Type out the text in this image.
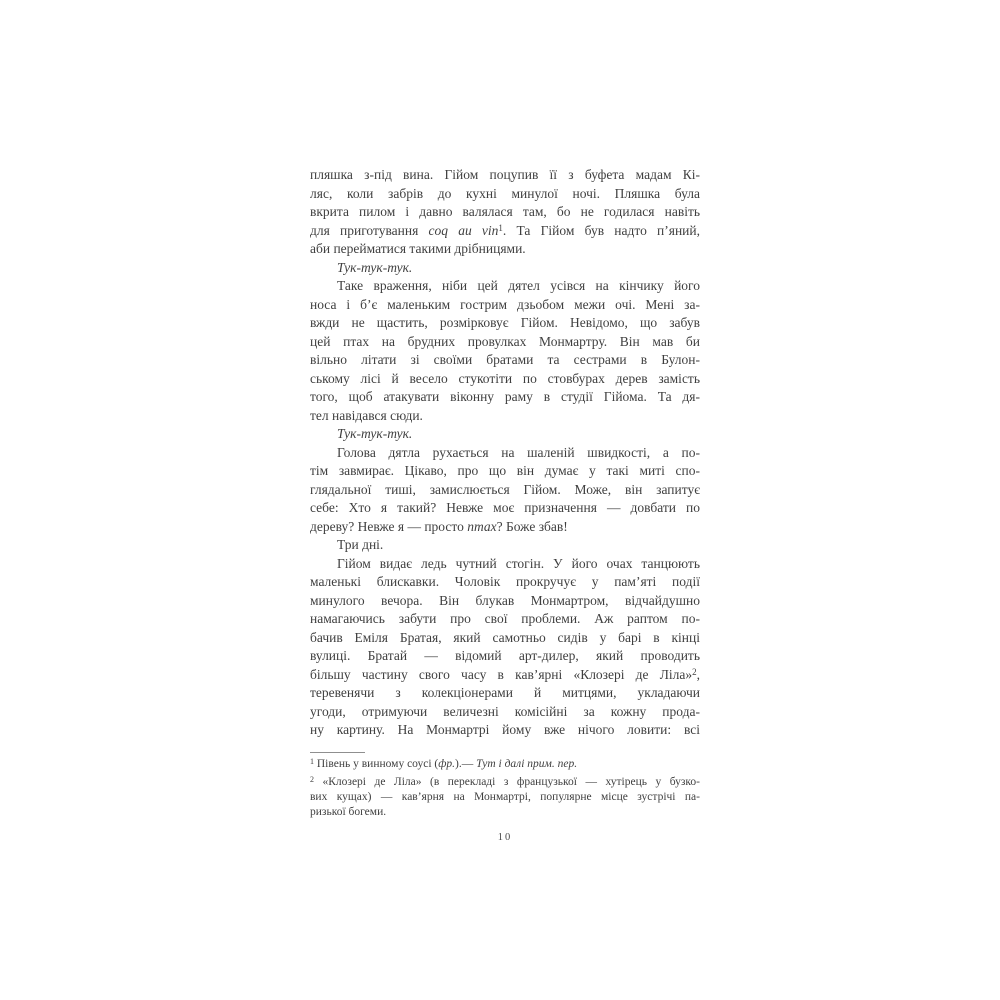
пляшка з-під вина. Гійом поцупив її з буфета мадам Кі-
ляс, коли забрів до кухні минулої ночі. Пляшка була
вкрита пилом і давно валялася там, бо не годилася навіть
для приготування coq au vin$^1$. Та Гійом був надто п’яний,
аби перейматися такими дрібницями.
Тук-тук-тук.
Таке враження, ніби цей дятел усівся на кінчику його
носа і б’є маленьким гострим дзьобом межи очі. Мені за-
вжди не щастить, розмірковує Гійом. Невідомо, що забув
цей птах на брудних провулках Монмартру. Він мав би
вільно літати зі своїми братами та сестрами в Булон-
ському лісі й весело стукотіти по стовбурах дерев замість
того, щоб атакувати віконну раму в студії Гійома. Та дя-
тел навідався сюди.
Тук-тук-тук.
Голова дятла рухається на шаленій швидкості, а по-
тім завмирає. Цікаво, про що він думає у такі миті спо-
глядальної тиші, замислюється Гійом. Може, він запитує
себе: Хто я такий? Невже моє призначення — довбати по
дереву? Невже я — просто птах? Боже збав!
Три дні.
Гійом видає ледь чутний стогін. У його очах танцюють
маленькі блискавки. Чоловік прокручує у пам’яті події
минулого вечора. Він блукав Монмартром, відчайдушно
намагаючись забути про свої проблеми. Аж раптом по-
бачив Еміля Братая, який самотньо сидів у барі в кінці
вулиці. Братай — відомий арт-дилер, який проводить
більшу частину свого часу в кав’ярні «Клозері де Ліла»$^2$,
теревенячи з колекціонерами й митцями, укладаючи
угоди, отримуючи величезні комісійні за кожну прода-
ну картину. На Монмартрі йому вже нічого ловити: всі
$^1$ Півень у винному соусі (фр.).— Тут і далі прим. пер.
$^2$ «Клозері де Ліла» (в перекладі з французької — хутірець у бузко-
вих кущах) — кав’ярня на Монмартрі, популярне місце зустрічі па-
ризької богеми.
10
